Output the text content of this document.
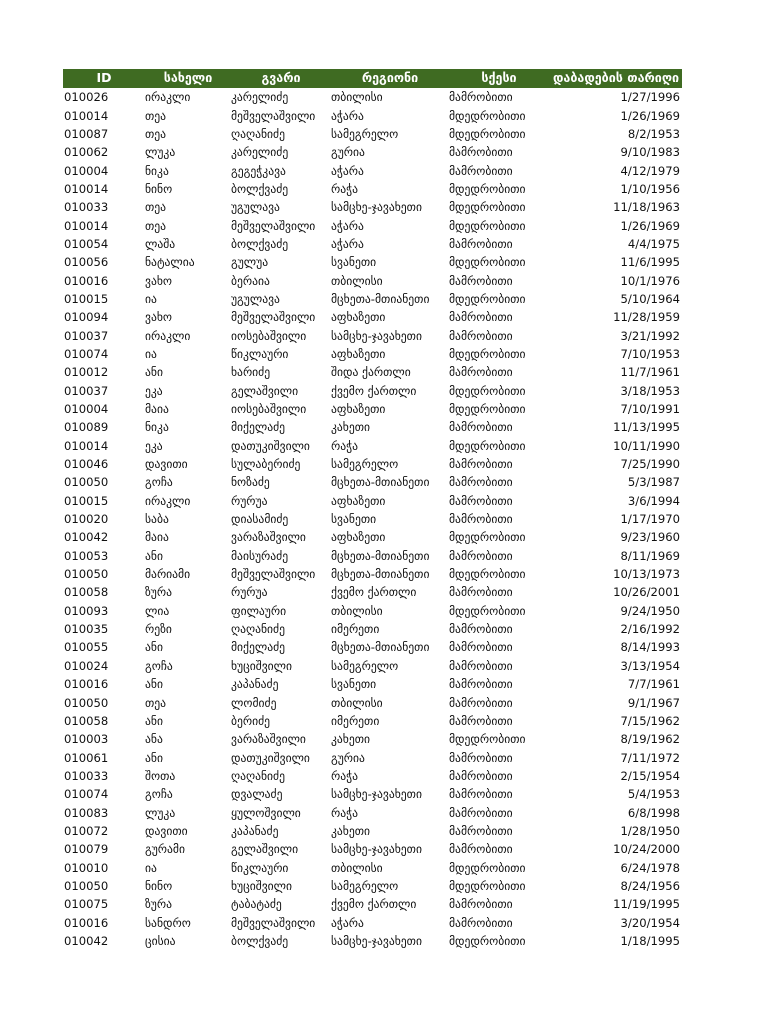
ID	სახელი	გვარი	რეგიონი	სქესი	დაბადების თარიღი
010026	ირაკლი	კარელიძე	თბილისი	მამრობითი	1/27/1996
010014	თეა	მეშველაშვილი	აჭარა	მდედრობითი	1/26/1969
010087	თეა	ღაღანიძე	სამეგრელო	მდედრობითი	8/2/1953
010062	ლუკა	კარელიძე	გურია	მამრობითი	9/10/1983
010004	ნიკა	გეგეჭკავა	აჭარა	მამრობითი	4/12/1979
010014	ნინო	ბოლქვაძე	რაჭა	მდედრობითი	1/10/1956
010033	თეა	უგულავა	სამცხე-ჯავახეთი	მდედრობითი	11/18/1963
010014	თეა	მეშველაშვილი	აჭარა	მდედრობითი	1/26/1969
010054	ლაშა	ბოლქვაძე	აჭარა	მამრობითი	4/4/1975
010056	ნატალია	გულუა	სვანეთი	მდედრობითი	11/6/1995
010016	ვახო	ბერაია	თბილისი	მამრობითი	10/1/1976
010015	ია	უგულავა	მცხეთა-მთიანეთი	მდედრობითი	5/10/1964
010094	ვახო	მეშველაშვილი	აფხაზეთი	მამრობითი	11/28/1959
010037	ირაკლი	იოსებაშვილი	სამცხე-ჯავახეთი	მამრობითი	3/21/1992
010074	ია	წიკლაური	აფხაზეთი	მდედრობითი	7/10/1953
010012	ანი	ხარიძე	შიდა ქართლი	მამრობითი	11/7/1961
010037	ეკა	გელაშვილი	ქვემო ქართლი	მდედრობითი	3/18/1953
010004	მაია	იოსებაშვილი	აფხაზეთი	მდედრობითი	7/10/1991
010089	ნიკა	მიქელაძე	კახეთი	მამრობითი	11/13/1995
010014	ეკა	დათუკიშვილი	რაჭა	მდედრობითი	10/11/1990
010046	დავითი	სულაბერიძე	სამეგრელო	მამრობითი	7/25/1990
010050	გოჩა	ნოზაძე	მცხეთა-მთიანეთი	მამრობითი	5/3/1987
010015	ირაკლი	რურუა	აფხაზეთი	მამრობითი	3/6/1994
010020	საბა	დიასამიძე	სვანეთი	მამრობითი	1/17/1970
010042	მაია	ვარაზაშვილი	აფხაზეთი	მდედრობითი	9/23/1960
010053	ანი	მაისურაძე	მცხეთა-მთიანეთი	მამრობითი	8/11/1969
010050	მარიამი	მეშველაშვილი	მცხეთა-მთიანეთი	მდედრობითი	10/13/1973
010058	ზურა	რურუა	ქვემო ქართლი	მამრობითი	10/26/2001
010093	ლია	ფილაური	თბილისი	მდედრობითი	9/24/1950
010035	რეზი	ღაღანიძე	იმერეთი	მამრობითი	2/16/1992
010055	ანი	მიქელაძე	მცხეთა-მთიანეთი	მამრობითი	8/14/1993
010024	გოჩა	ხუციშვილი	სამეგრელო	მამრობითი	3/13/1954
010016	ანი	კაპანაძე	სვანეთი	მამრობითი	7/7/1961
010050	თეა	ლომიძე	თბილისი	მამრობითი	9/1/1967
010058	ანი	ბერიძე	იმერეთი	მამრობითი	7/15/1962
010003	ანა	ვარაზაშვილი	კახეთი	მდედრობითი	8/19/1962
010061	ანი	დათუკიშვილი	გურია	მამრობითი	7/11/1972
010033	შოთა	ღაღანიძე	რაჭა	მამრობითი	2/15/1954
010074	გოჩა	დვალაძე	სამცხე-ჯავახეთი	მამრობითი	5/4/1953
010083	ლუკა	ყულოშვილი	რაჭა	მამრობითი	6/8/1998
010072	დავითი	კაპანაძე	კახეთი	მამრობითი	1/28/1950
010079	გურამი	გელაშვილი	სამცხე-ჯავახეთი	მამრობითი	10/24/2000
010010	ია	წიკლაური	თბილისი	მდედრობითი	6/24/1978
010050	ნინო	ხუციშვილი	სამეგრელო	მდედრობითი	8/24/1956
010075	ზურა	ტაბატაძე	ქვემო ქართლი	მამრობითი	11/19/1995
010016	სანდრო	მეშველაშვილი	აჭარა	მამრობითი	3/20/1954
010042	ცისია	ბოლქვაძე	სამცხე-ჯავახეთი	მდედრობითი	1/18/1995
